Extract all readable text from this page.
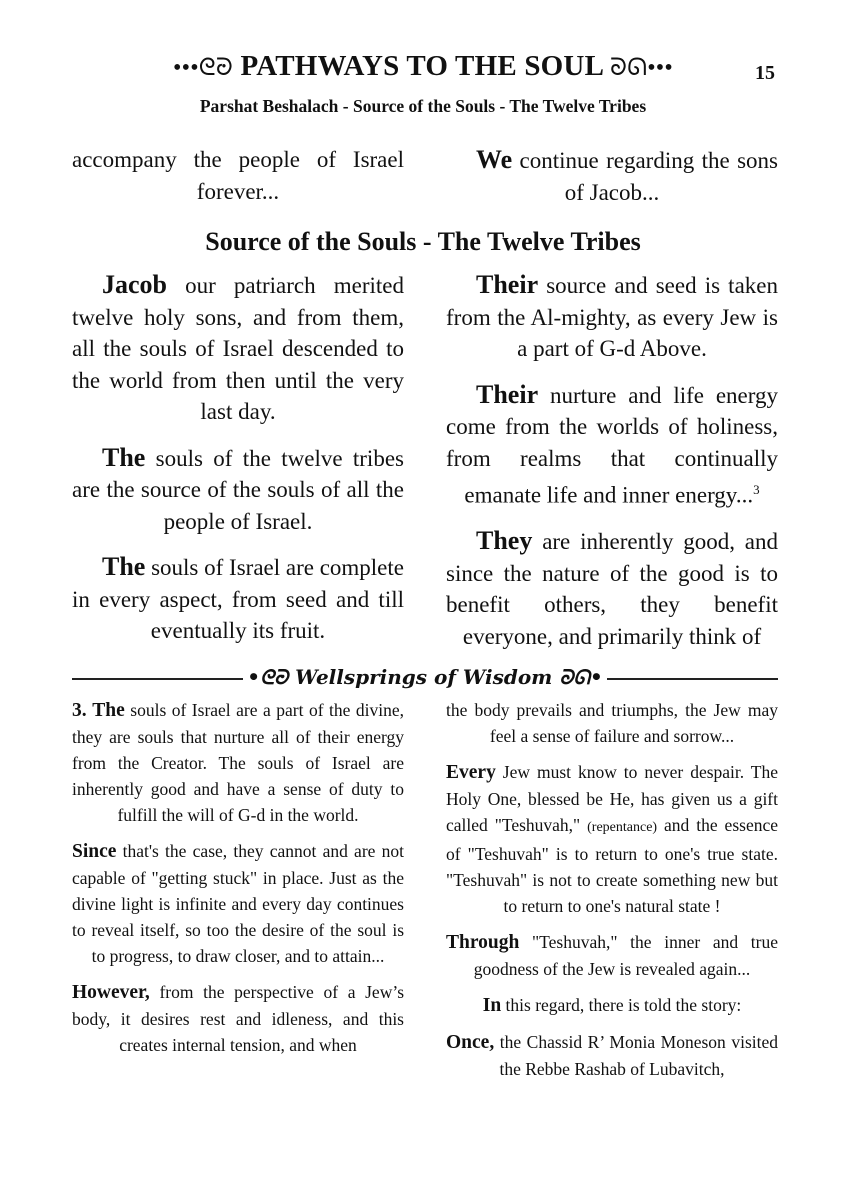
•••ᘓᘒ PATHWAYS TO THE SOUL ᘐᘏ•••	15
Parshat Beshalach - Source of the Souls - The Twelve Tribes

accompany the people of Israel forever...

We continue regarding the sons of Jacob...

Source of the Souls - The Twelve Tribes

Jacob our patriarch merited twelve holy sons, and from them, all the souls of Israel descended to the world from then until the very last day.

The souls of the twelve tribes are the source of the souls of all the people of Israel.

The souls of Israel are complete in every aspect, from seed and till eventually its fruit.

Their source and seed is taken from the Al-mighty, as every Jew is a part of G-d Above.

Their nurture and life energy come from the worlds of holiness, from realms that continually emanate life and inner energy...$^3$

They are inherently good, and since the nature of the good is to benefit others, they benefit everyone, and primarily think of

•ᘓᘒ Wellsprings of Wisdom ᘐᘏ•

3. The souls of Israel are a part of the divine, they are souls that nurture all of their energy from the Creator. The souls of Israel are inherently good and have a sense of duty to fulfill the will of G-d in the world.

Since that's the case, they cannot and are not capable of "getting stuck" in place. Just as the divine light is infinite and every day continues to reveal itself, so too the desire of the soul is to progress, to draw closer, and to attain...

However, from the perspective of a Jew’s body, it desires rest and idleness, and this creates internal tension, and when

the body prevails and triumphs, the Jew may feel a sense of failure and sorrow...

Every Jew must know to never despair. The Holy One, blessed be He, has given us a gift called "Teshuvah," (repentance) and the essence of "Teshuvah" is to return to one's true state. "Teshuvah" is not to create something new but to return to one's natural state !

Through "Teshuvah," the inner and true goodness of the Jew is revealed again...

In this regard, there is told the story:

Once, the Chassid R’ Monia Moneson visited the Rebbe Rashab of Lubavitch,
